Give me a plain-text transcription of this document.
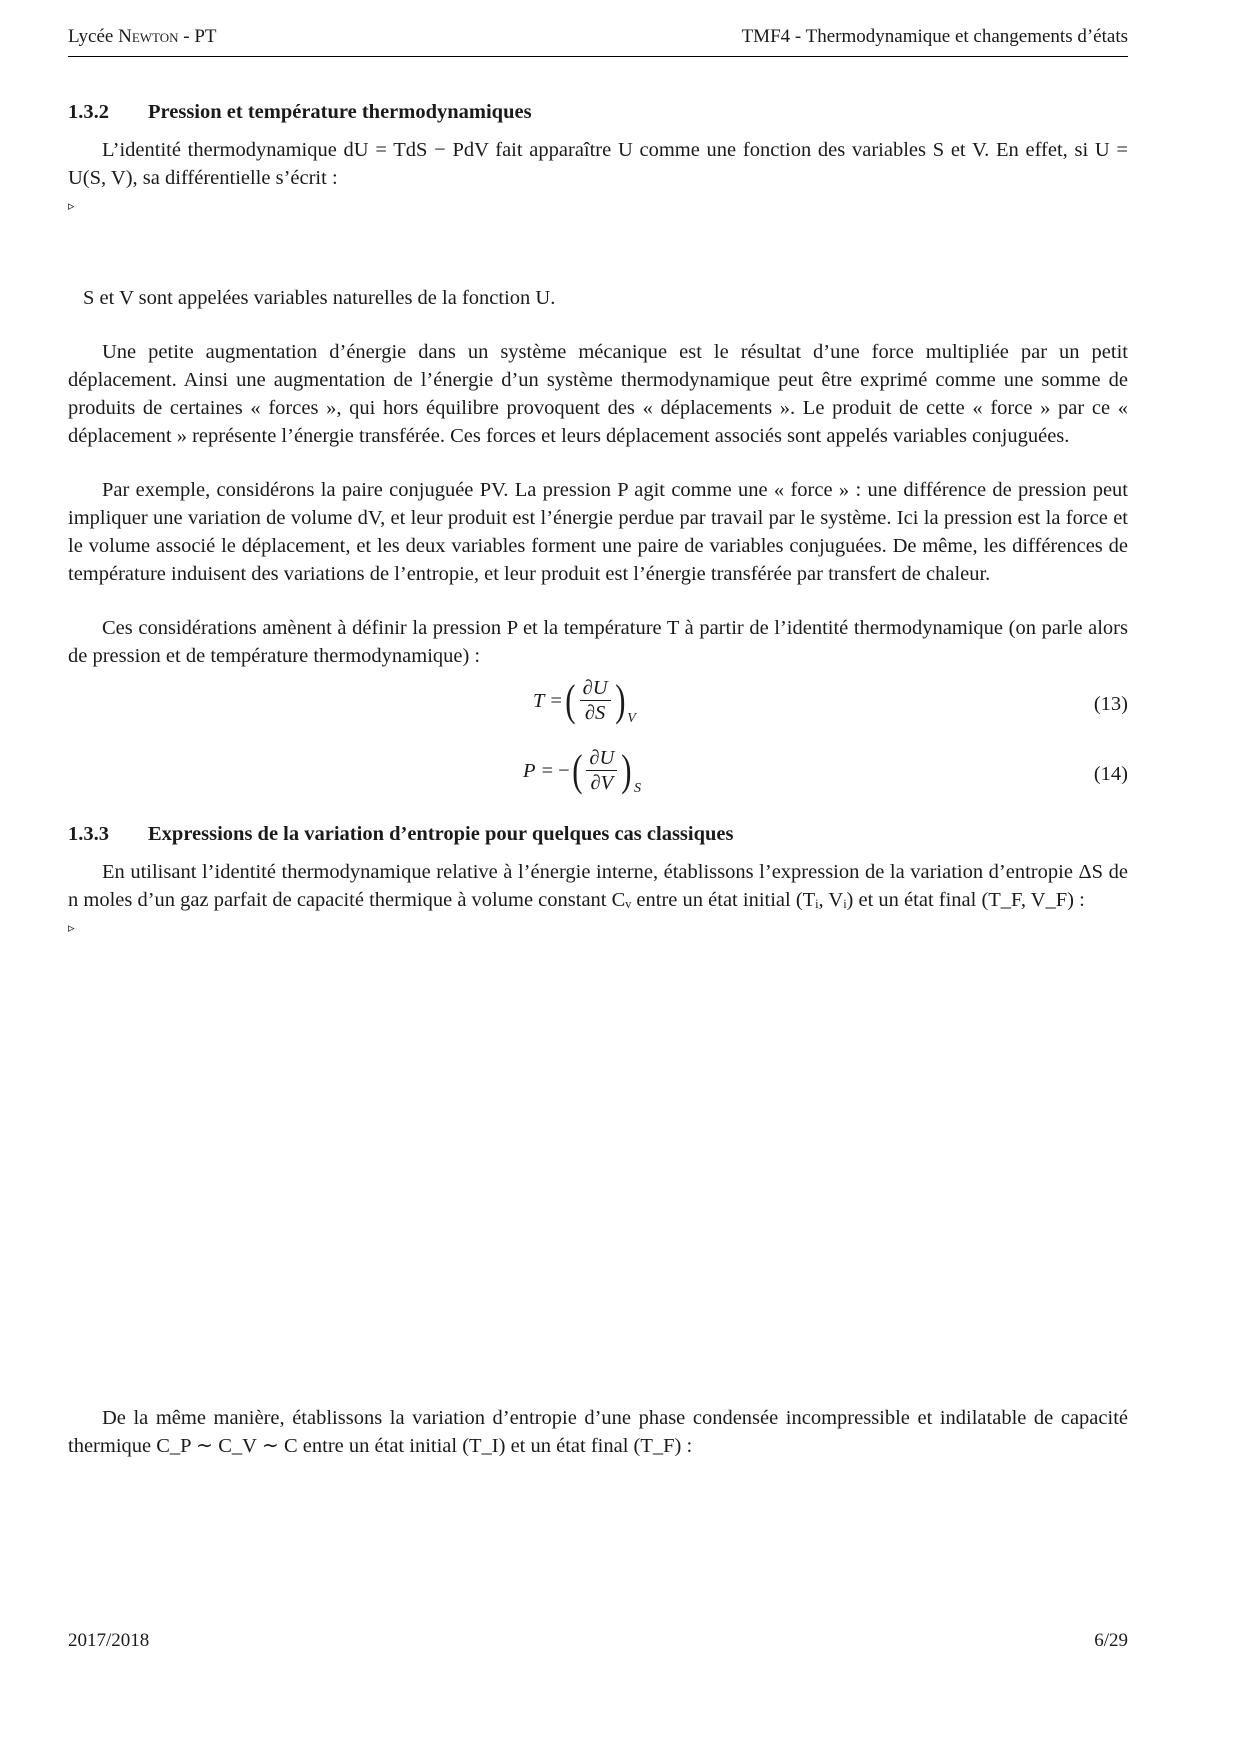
Lycée Newton - PT	TMF4 - Thermodynamique et changements d’états
1.3.2 Pression et température thermodynamiques

L’identité thermodynamique dU = TdS − PdV fait apparaître U comme une fonction des variables S et V. En effet, si U = U(S, V), sa différentielle s’écrit :

▹

S et V sont appelées variables naturelles de la fonction U.

Une petite augmentation d’énergie dans un système mécanique est le résultat d’une force multipliée par un petit déplacement. Ainsi une augmentation de l’énergie d’un système thermodynamique peut être exprimé comme une somme de produits de certaines « forces », qui hors équilibre provoquent des « déplacements ». Le produit de cette « force » par ce « déplacement » représente l’énergie transférée. Ces forces et leurs déplacement associés sont appelés variables conjuguées.

Par exemple, considérons la paire conjuguée PV. La pression P agit comme une « force » : une différence de pression peut impliquer une variation de volume dV, et leur produit est l’énergie perdue par travail par le système. Ici la pression est la force et le volume associé le déplacement, et les deux variables forment une paire de variables conjuguées. De même, les différences de température induisent des variations de l’entropie, et leur produit est l’énergie transférée par transfert de chaleur.

Ces considérations amènent à définir la pression P et la température T à partir de l’identité thermodynamique (on parle alors de pression et de température thermodynamique) :

T = ( $\frac{\partial U}{\partial S}$ ) V
(13)
P = − ( $\frac{\partial U}{\partial V}$ ) S
(14)
1.3.3 Expressions de la variation d’entropie pour quelques cas classiques

En utilisant l’identité thermodynamique relative à l’énergie interne, établissons l’expression de la variation d’entropie ΔS de n moles d’un gaz parfait de capacité thermique à volume constant Cᵥ entre un état initial (Tᵢ, Vᵢ) et un état final (T_F, V_F) :

▹

De la même manière, établissons la variation d’entropie d’une phase condensée incompressible et indilatable de capacité thermique C_P ∼ C_V ∼ C entre un état initial (T_I) et un état final (T_F) :

2017/2018	6/29
